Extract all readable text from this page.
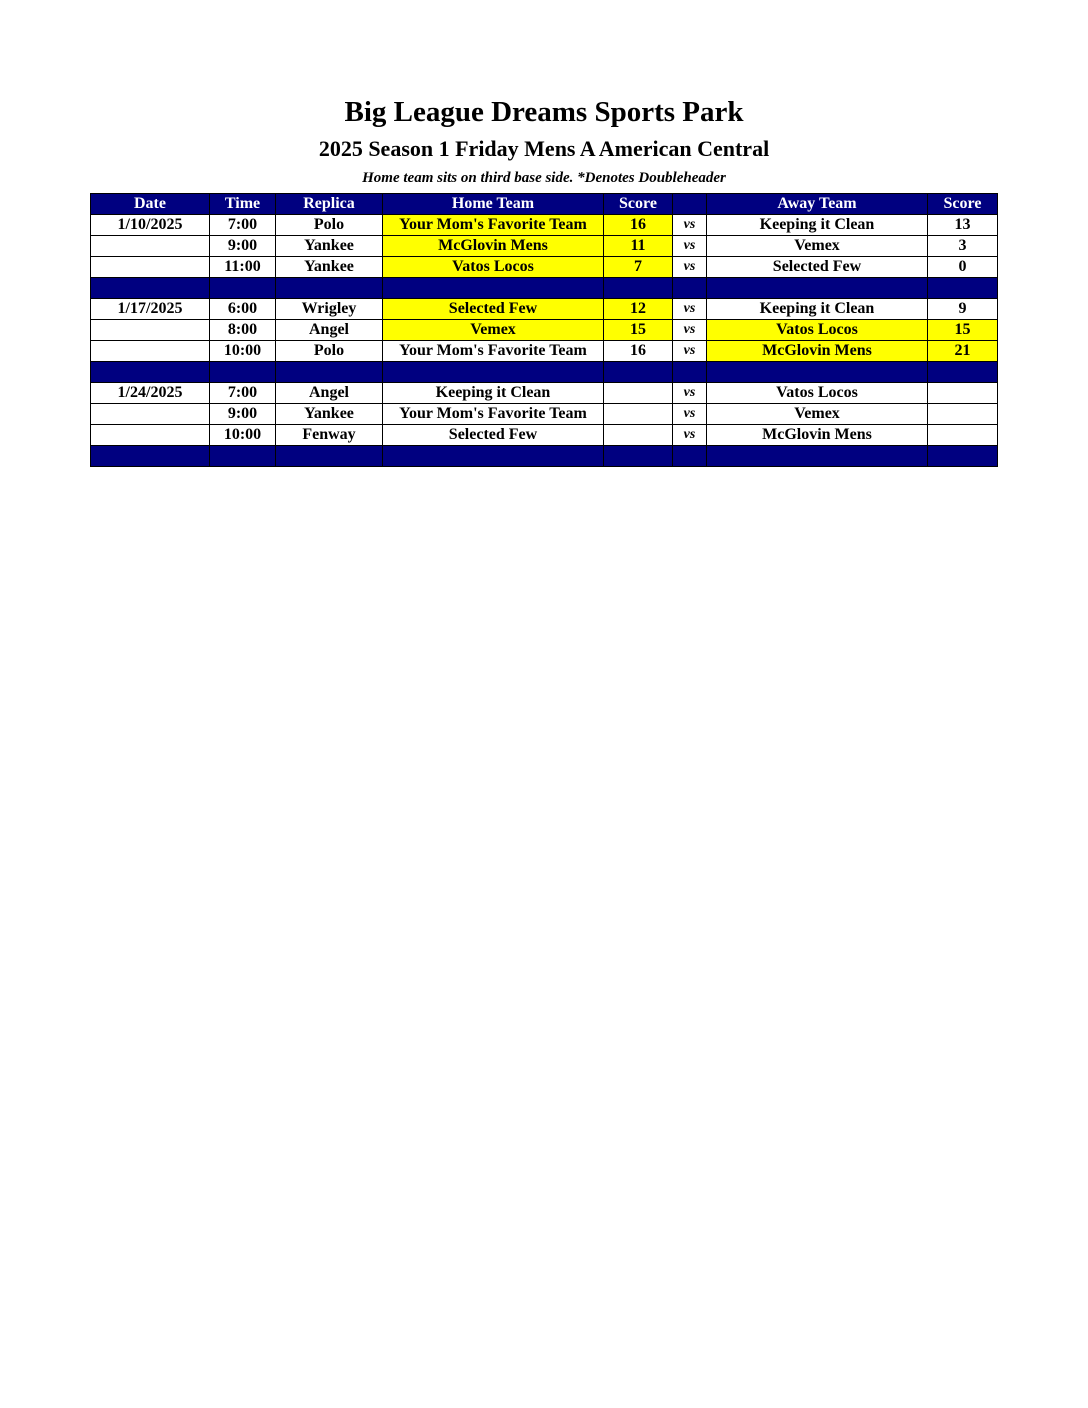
Big League Dreams Sports Park
2025 Season 1 Friday Mens A American Central
Home team sits on third base side. *Denotes Doubleheader
Date	Time	Replica	Home Team	Score		Away Team	Score
1/10/2025	7:00	Polo	Your Mom's Favorite Team	16	vs	Keeping it Clean	13
	9:00	Yankee	McGlovin Mens	11	vs	Vemex	3
	11:00	Yankee	Vatos Locos	7	vs	Selected Few	0

1/17/2025	6:00	Wrigley	Selected Few	12	vs	Keeping it Clean	9
	8:00	Angel	Vemex	15	vs	Vatos Locos	15
	10:00	Polo	Your Mom's Favorite Team	16	vs	McGlovin Mens	21

1/24/2025	7:00	Angel	Keeping it Clean		vs	Vatos Locos	
	9:00	Yankee	Your Mom's Favorite Team		vs	Vemex	
	10:00	Fenway	Selected Few		vs	McGlovin Mens	
